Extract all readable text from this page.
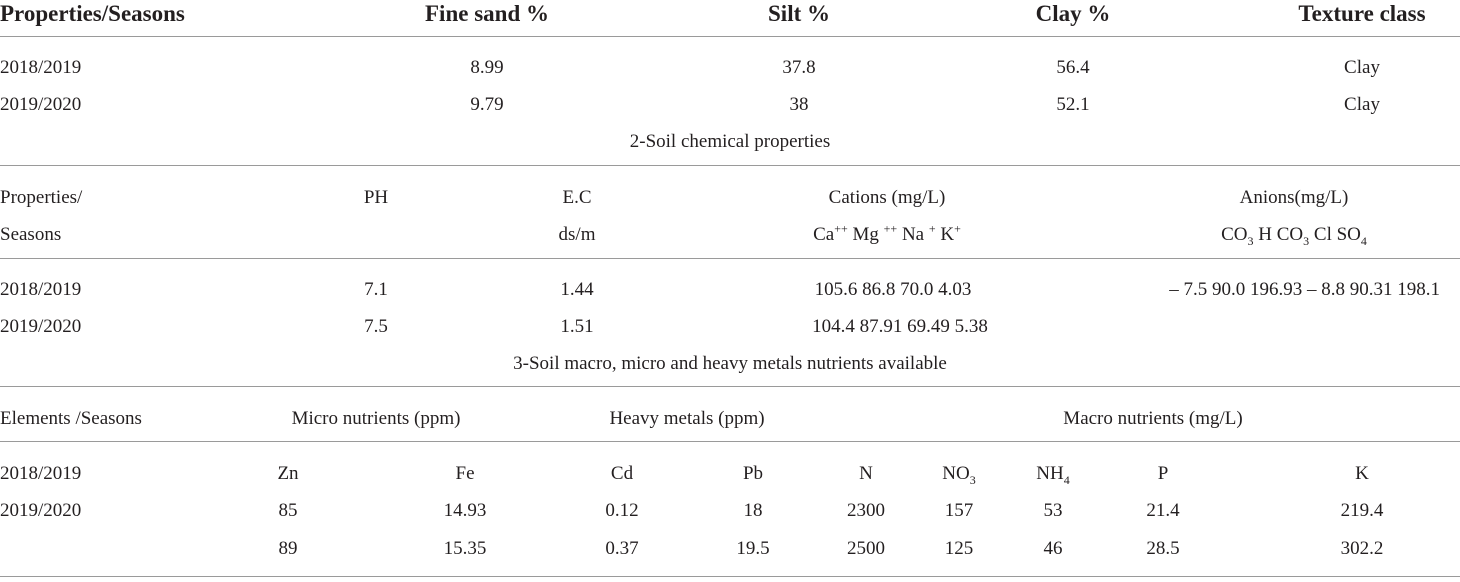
Properties/Seasons	Fine sand %	Silt %	Clay %	Texture class
2018/2019	8.99	37.8	56.4	Clay
2019/2020	9.79	38	52.1	Clay
2-Soil chemical properties
Properties/	PH	E.C	Cations (mg/L)	Anions(mg/L)
Seasons	ds/m	Ca++ Mg ++ Na + K+	$CO_3$ H $CO_3$ Cl $SO_4$
2018/2019	7.1	1.44	105.6 86.8 70.0 4.03	– 7.5 90.0 196.93 – 8.8 90.31 198.1
2019/2020	7.5	1.51	104.4 87.91 69.49 5.38
3-Soil macro, micro and heavy metals nutrients available
Elements /Seasons	Micro nutrients (ppm)	Heavy metals (ppm)	Macro nutrients (mg/L)
2018/2019	Zn	Fe	Cd	Pb	N	$NO_3$	$NH_4$	P	K
2019/2020	85	14.93	0.12	18	2300	157	53	21.4	219.4
89	15.35	0.37	19.5	2500	125	46	28.5	302.2
